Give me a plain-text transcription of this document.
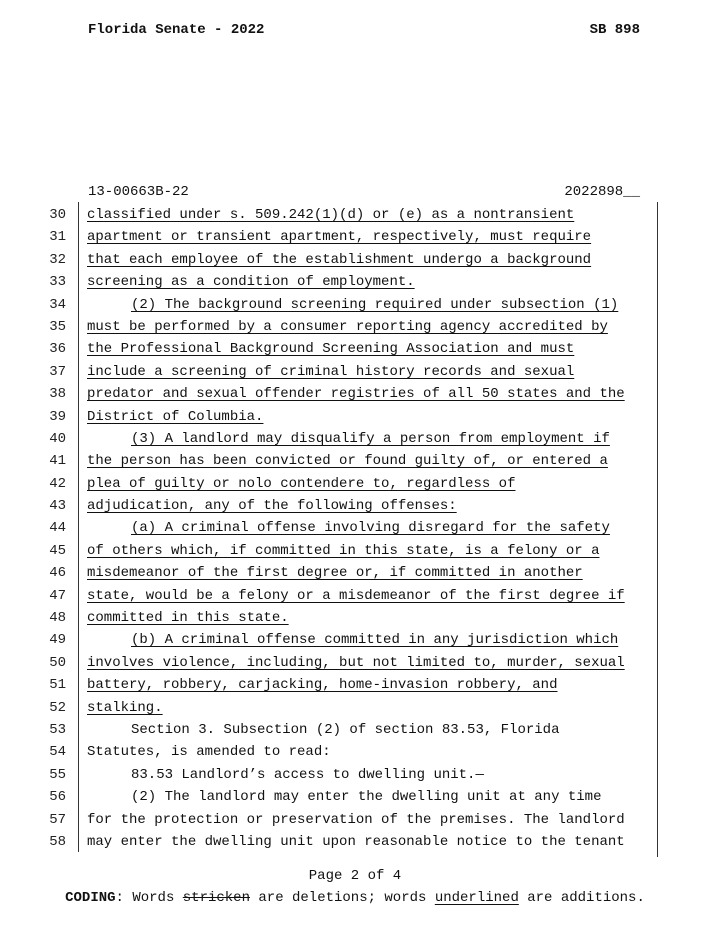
Florida Senate - 2022	SB 898
13-00663B-22	2022898__
30 classified under s. 509.242(1)(d) or (e) as a nontransient
31 apartment or transient apartment, respectively, must require
32 that each employee of the establishment undergo a background
33 screening as a condition of employment.
34	(2) The background screening required under subsection (1)
35 must be performed by a consumer reporting agency accredited by
36 the Professional Background Screening Association and must
37 include a screening of criminal history records and sexual
38 predator and sexual offender registries of all 50 states and the
39 District of Columbia.
40	(3) A landlord may disqualify a person from employment if
41 the person has been convicted or found guilty of, or entered a
42 plea of guilty or nolo contendere to, regardless of
43 adjudication, any of the following offenses:
44	(a) A criminal offense involving disregard for the safety
45 of others which, if committed in this state, is a felony or a
46 misdemeanor of the first degree or, if committed in another
47 state, would be a felony or a misdemeanor of the first degree if
48 committed in this state.
49	(b) A criminal offense committed in any jurisdiction which
50 involves violence, including, but not limited to, murder, sexual
51 battery, robbery, carjacking, home-invasion robbery, and
52 stalking.
53	Section 3. Subsection (2) of section 83.53, Florida
54 Statutes, is amended to read:
55	83.53 Landlord’s access to dwelling unit.—
56	(2) The landlord may enter the dwelling unit at any time
57 for the protection or preservation of the premises. The landlord
58 may enter the dwelling unit upon reasonable notice to the tenant
Page 2 of 4
CODING: Words stricken are deletions; words underlined are additions.
